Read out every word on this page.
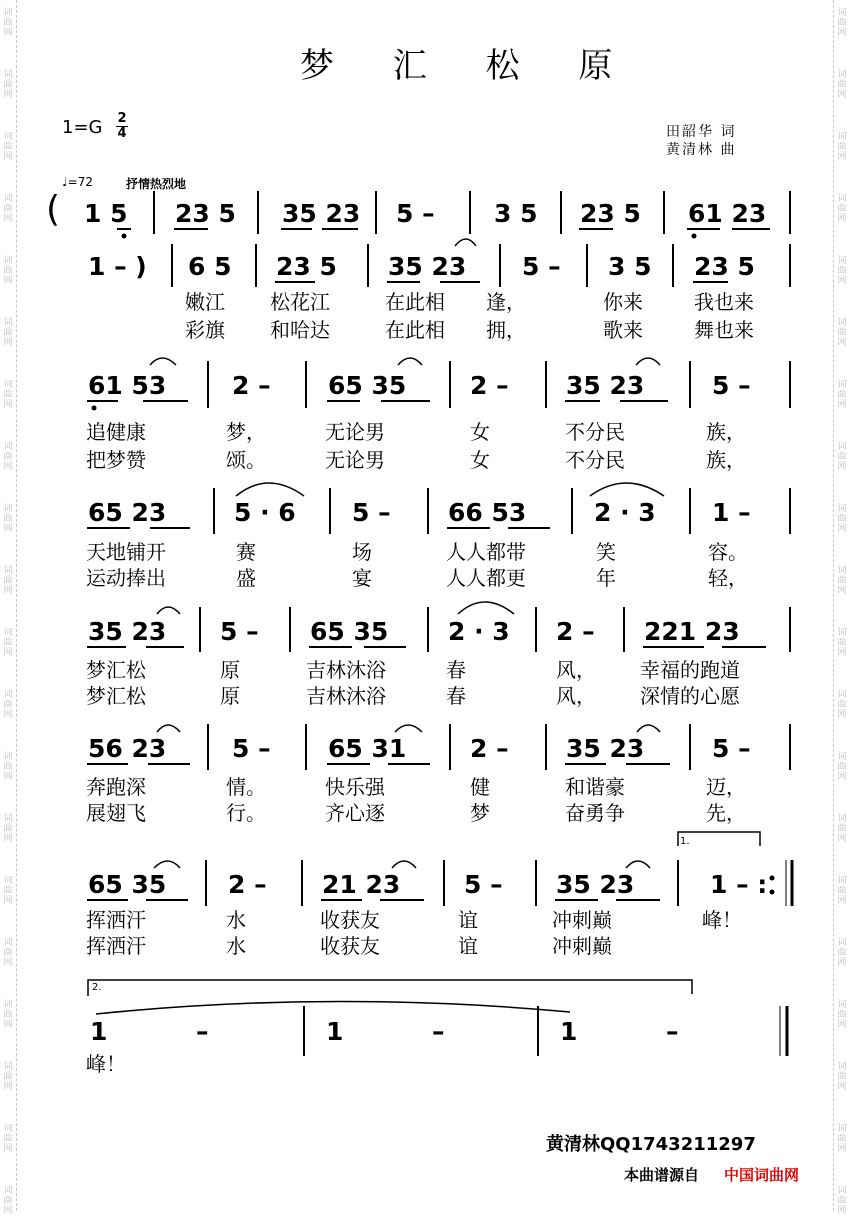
词
曲
网
词
曲
网
词
曲
网
词
曲
网
词
曲
网
词
曲
网
词
曲
网
词
曲
网
词
曲
网
词
曲
网
词
曲
网
词
曲
网
词
曲
网
词
曲
网
词
曲
网
词
曲
网
词
曲
网
词
曲
网
词
曲
网
词
曲
网
词
曲
网
词
曲
网
词
曲
网
词
曲
网
词
曲
网
词
曲
网
词
曲
网
词
曲
网
词
曲
网
词
曲
网
词
曲
网
词
曲
网
词
曲
网
词
曲
网
词
曲
网
词
曲
网
词
曲
网
词
曲
网
词
曲
网
词
曲
网
梦 汇 松 原
$1=G \frac{2}{4}$	田韶华 词
黄清林 曲
♩=72	抒情热烈地
( 1 5 23 5 35 23 5 – 3 5 23 5 61 23
1 – ) 6 5 23 5 35 23 5 – 3 5 23 5
嫩江 松花江	在此相 逢，	你来	我也来
彩旗 和哈达	在此相 拥，	歌来	舞也来
61 53	2 – 65 35	2 – 35 23	5 –
追健康	梦，	无论男	女	不分民	族，
把梦赞	颂。	无论男	女	不分民	族，
65 23	5 · 6 5 – 66 53	2 · 3 1 –
天地铺开	赛	场	人人都带	笑	容。
运动捧出	盛	宴	人人都更	年	轻，
35 23 5 – 65 35 2 · 3 2 – 221 23
梦汇松	原	吉林沐浴	春	风， 幸福的跑道
梦汇松	原	吉林沐浴	春	风， 深情的心愿
56 23	5 – 65 31	2 – 35 23	5 –
奔跑深	情。	快乐强	健	和谐豪	迈，
展翅飞	行。	齐心逐	梦	奋勇争	先，
65 35 2 – 21 23	5 – 35 23	1 – :
挥洒汗	水	收获友	谊	冲刺巅	峰！
挥洒汗	水	收获友	谊	冲刺巅
1.
2.
1	–	1	–	1	–
峰！
黄清林QQ1743211297
本曲谱源自 中国词曲网
